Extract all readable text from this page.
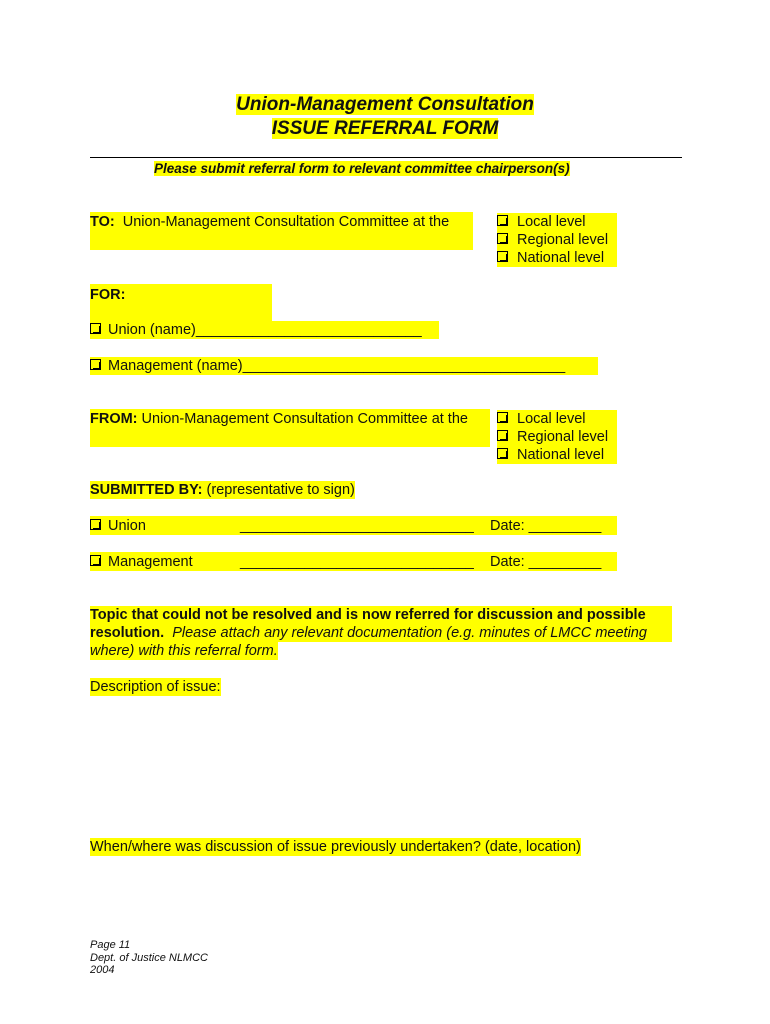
Union-Management Consultation
ISSUE REFERRAL FORM
Please submit referral form to relevant committee chairperson(s)
TO: Union-Management Consultation Committee at the	Local level
Regional level
National level
FOR:
Union (name)____________________________
Management (name)________________________________________
FROM: Union-Management Consultation Committee at the	Local level
Regional level
National level
SUBMITTED BY: (representative to sign)
Union	_____________________________ Date: _________
Management	_____________________________ Date: _________
Topic that could not be resolved and is now referred for discussion and possible
resolution. Please attach any relevant documentation (e.g. minutes of LMCC meeting
where) with this referral form.
Description of issue:
When/where was discussion of issue previously undertaken? (date, location)
Page 11
Dept. of Justice NLMCC
2004
